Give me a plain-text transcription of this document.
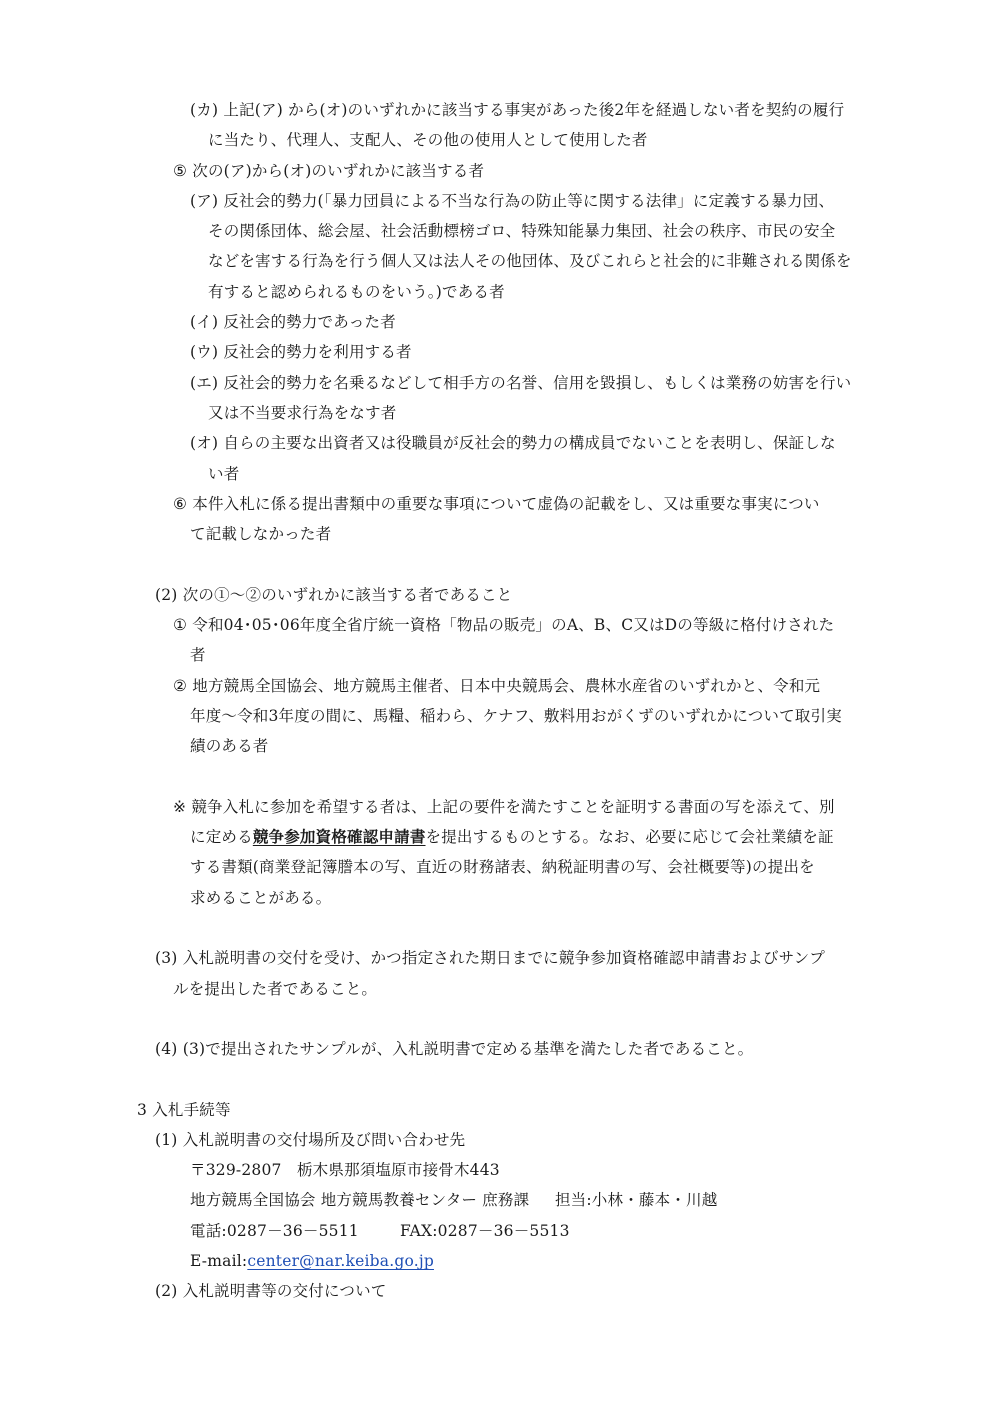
(カ) 上記(ア) から(オ)のいずれかに該当する事実があった後2年を経過しない者を契約の履行
に当たり、代理人、支配人、その他の使用人として使用した者
⑤ 次の(ア)から(オ)のいずれかに該当する者
(ア) 反社会的勢力(「暴力団員による不当な行為の防止等に関する法律」に定義する暴力団、
その関係団体、総会屋、社会活動標榜ゴロ、特殊知能暴力集団、社会の秩序、市民の安全
などを害する行為を行う個人又は法人その他団体、及びこれらと社会的に非難される関係を
有すると認められるものをいう。)である者
(イ) 反社会的勢力であった者
(ウ) 反社会的勢力を利用する者
(エ) 反社会的勢力を名乗るなどして相手方の名誉、信用を毀損し、もしくは業務の妨害を行い
又は不当要求行為をなす者
(オ) 自らの主要な出資者又は役職員が反社会的勢力の構成員でないことを表明し、保証しな
い者
⑥ 本件入札に係る提出書類中の重要な事項について虚偽の記載をし、又は重要な事実につい
て記載しなかった者
(2) 次の①～②のいずれかに該当する者であること
① 令和04･05･06年度全省庁統一資格「物品の販売」のA、B、C又はDの等級に格付けされた
者
② 地方競馬全国協会、地方競馬主催者、日本中央競馬会、農林水産省のいずれかと、令和元
年度～令和3年度の間に、馬糧、稲わら、ケナフ、敷料用おがくずのいずれかについて取引実
績のある者
※ 競争入札に参加を希望する者は、上記の要件を満たすことを証明する書面の写を添えて、別
に定める競争参加資格確認申請書を提出するものとする。なお、必要に応じて会社業績を証
する書類(商業登記簿謄本の写、直近の財務諸表、納税証明書の写、会社概要等)の提出を
求めることがある。
(3) 入札説明書の交付を受け、かつ指定された期日までに競争参加資格確認申請書およびサンプ
ルを提出した者であること。
(4) (3)で提出されたサンプルが、入札説明書で定める基準を満たした者であること。
3 入札手続等
(1) 入札説明書の交付場所及び問い合わせ先
〒329-2807 栃木県那須塩原市接骨木443
地方競馬全国協会 地方競馬教養センター 庶務課 担当:小林・藤本・川越
電話:0287－36－5511	FAX:0287－36－5513
E-mail:center@nar.keiba.go.jp
(2) 入札説明書等の交付について
